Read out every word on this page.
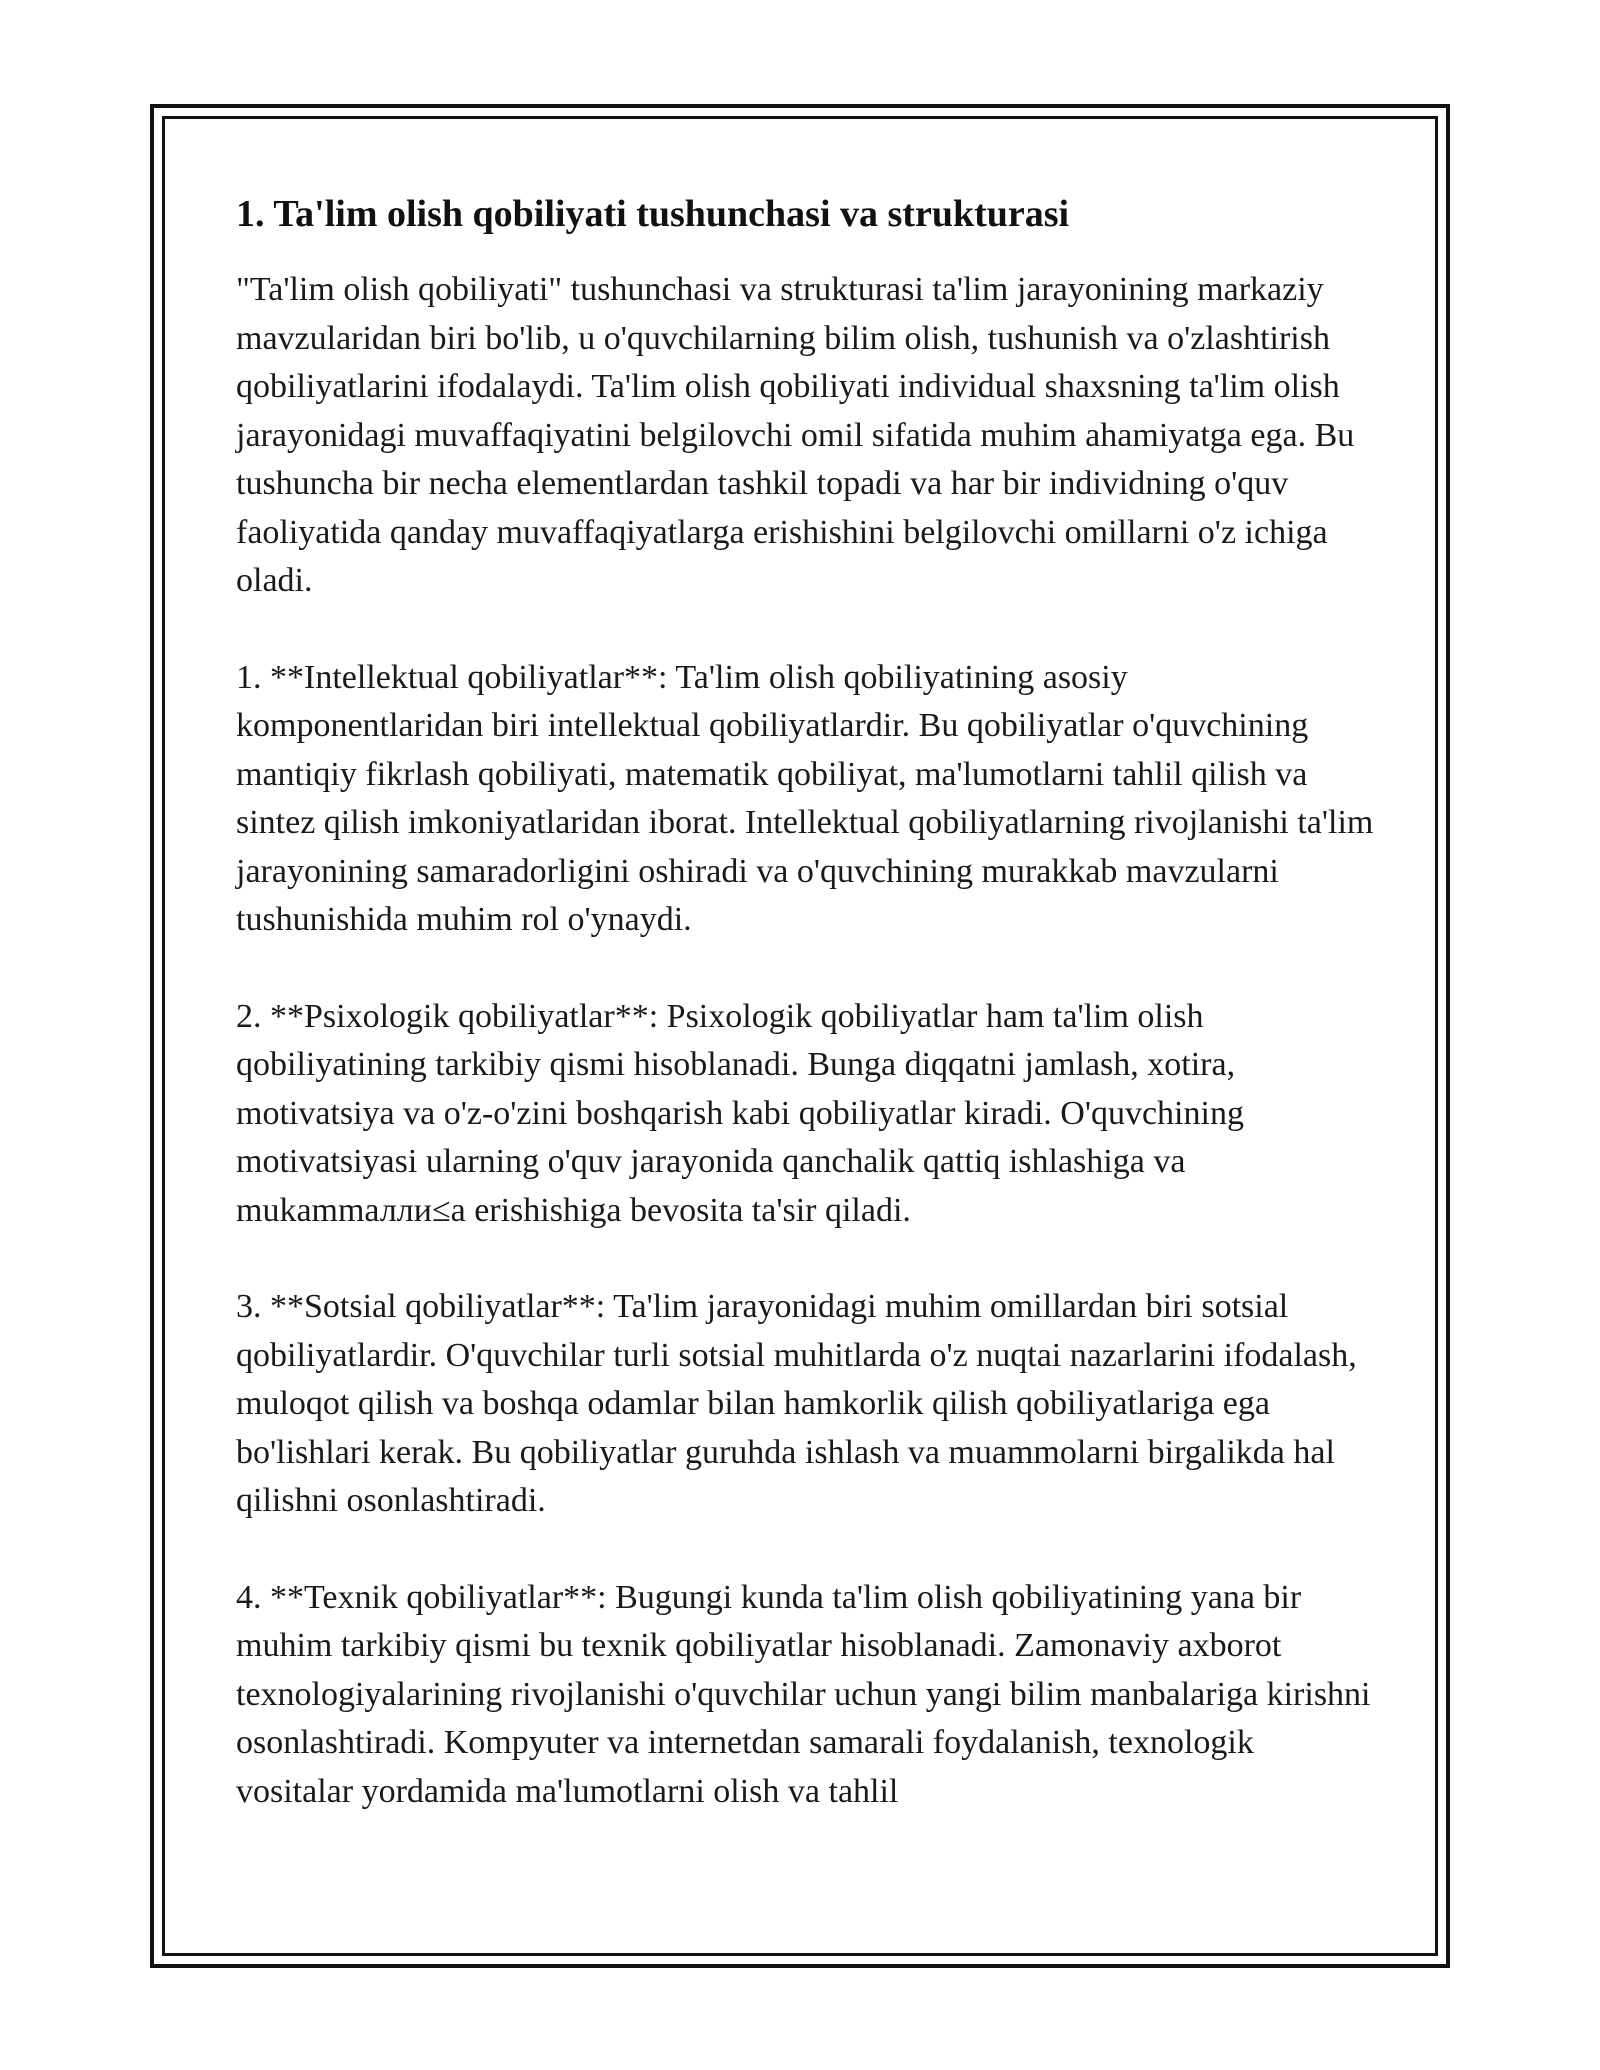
1. Ta'lim olish qobiliyati tushunchasi va strukturasi

"Ta'lim olish qobiliyati" tushunchasi va strukturasi ta'lim jarayonining markaziy mavzularidan biri bo'lib, u o'quvchilarning bilim olish, tushunish va o'zlashtirish qobiliyatlarini ifodalaydi. Ta'lim olish qobiliyati individual shaxsning ta'lim olish jarayonidagi muvaffaqiyatini belgilovchi omil sifatida muhim ahamiyatga ega. Bu tushuncha bir necha elementlardan tashkil topadi va har bir individning o'quv faoliyatida qanday muvaffaqiyatlarga erishishini belgilovchi omillarni o'z ichiga oladi.

1. **Intellektual qobiliyatlar**: Ta'lim olish qobiliyatining asosiy komponentlaridan biri intellektual qobiliyatlardir. Bu qobiliyatlar o'quvchining mantiqiy fikrlash qobiliyati, matematik qobiliyat, ma'lumotlarni tahlil qilish va sintez qilish imkoniyatlaridan iborat. Intellektual qobiliyatlarning rivojlanishi ta'lim jarayonining samaradorligini oshiradi va o'quvchining murakkab mavzularni tushunishida muhim rol o'ynaydi.

2. **Psixologik qobiliyatlar**: Psixologik qobiliyatlar ham ta'lim olish qobiliyatining tarkibiy qismi hisoblanadi. Bunga diqqatni jamlash, xotira, motivatsiya va o'z-o'zini boshqarish kabi qobiliyatlar kiradi. O'quvchining motivatsiyasi ularning o'quv jarayonida qanchalik qattiq ishlashiga va mukammалли≤a erishishiga bevosita ta'sir qiladi.

3. **Sotsial qobiliyatlar**: Ta'lim jarayonidagi muhim omillardan biri sotsial qobiliyatlardir. O'quvchilar turli sotsial muhitlarda o'z nuqtai nazarlarini ifodalash, muloqot qilish va boshqa odamlar bilan hamkorlik qilish qobiliyatlariga ega bo'lishlari kerak. Bu qobiliyatlar guruhda ishlash va muammolarni birgalikda hal qilishni osonlashtiradi.

4. **Texnik qobiliyatlar**: Bugungi kunda ta'lim olish qobiliyatining yana bir muhim tarkibiy qismi bu texnik qobiliyatlar hisoblanadi. Zamonaviy axborot texnologiyalarining rivojlanishi o'quvchilar uchun yangi bilim manbalariga kirishni osonlashtiradi. Kompyuter va internetdan samarali foydalanish, texnologik vositalar yordamida ma'lumotlarni olish va tahlil
